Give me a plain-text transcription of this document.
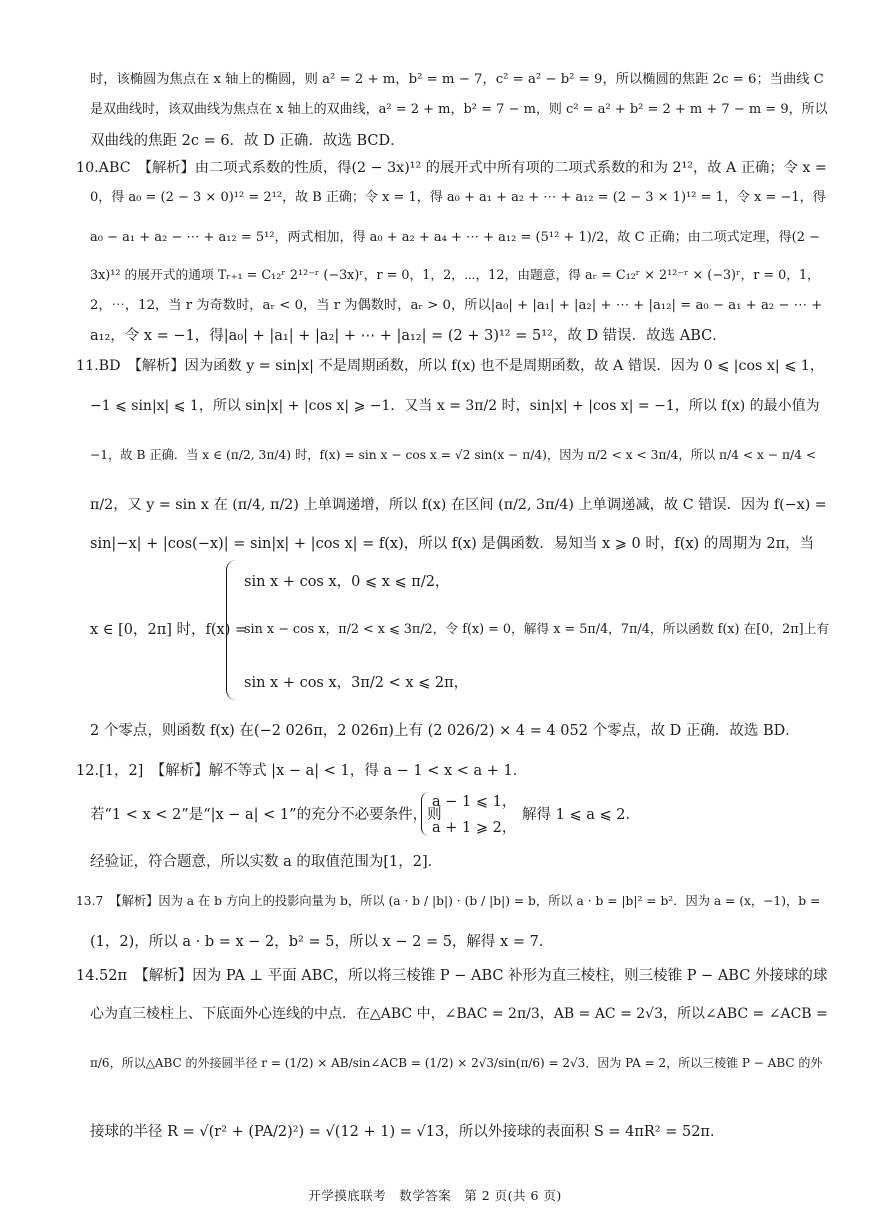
时，该椭圆为焦点在 x 轴上的椭圆，则 a² = 2 + m，b² = m − 7，c² = a² − b² = 9，所以椭圆的焦距 2c = 6；当曲线 C
是双曲线时，该双曲线为焦点在 x 轴上的双曲线，a² = 2 + m，b² = 7 − m，则 c² = a² + b² = 2 + m + 7 − m = 9，所以
双曲线的焦距 2c = 6．故 D 正确．故选 BCD．
10.ABC　【解析】由二项式系数的性质，得(2 − 3x)¹² 的展开式中所有项的二项式系数的和为 2¹²，故 A 正确；令 x =
0，得 a₀ = (2 − 3 × 0)¹² = 2¹²，故 B 正确；令 x = 1，得 a₀ + a₁ + a₂ + ⋯ + a₁₂ = (2 − 3 × 1)¹² = 1，令 x = −1，得
a₀ − a₁ + a₂ − ⋯ + a₁₂ = 5¹²，两式相加，得 a₀ + a₂ + a₄ + ⋯ + a₁₂ = (5¹² + 1)/2，故 C 正确；由二项式定理，得(2 −
3x)¹² 的展开式的通项 Tᵣ₊₁ = C₁₂ʳ 2¹²⁻ʳ (−3x)ʳ，r = 0，1，2，⋯，12，由题意，得 aᵣ = C₁₂ʳ × 2¹²⁻ʳ × (−3)ʳ，r = 0，1，
2，⋯，12，当 r 为奇数时，aᵣ < 0，当 r 为偶数时，aᵣ > 0，所以|a₀| + |a₁| + |a₂| + ⋯ + |a₁₂| = a₀ − a₁ + a₂ − ⋯ +
a₁₂，令 x = −1，得|a₀| + |a₁| + |a₂| + ⋯ + |a₁₂| = (2 + 3)¹² = 5¹²，故 D 错误．故选 ABC．
11.BD　【解析】因为函数 y = sin|x| 不是周期函数，所以 f(x) 也不是周期函数，故 A 错误．因为 0 ⩽ |cos x| ⩽ 1，
−1 ⩽ sin|x| ⩽ 1，所以 sin|x| + |cos x| ⩾ −1．又当 x = 3π/2 时，sin|x| + |cos x| = −1，所以 f(x) 的最小值为
−1，故 B 正确．当 x ∈ (π/2, 3π/4) 时，f(x) = sin x − cos x = √2 sin(x − π/4)，因为 π/2 < x < 3π/4，所以 π/4 < x − π/4 <
π/2，又 y = sin x 在 (π/4, π/2) 上单调递增，所以 f(x) 在区间 (π/2, 3π/4) 上单调递减，故 C 错误．因为 f(−x) =
sin|−x| + |cos(−x)| = sin|x| + |cos x| = f(x)，所以 f(x) 是偶函数．易知当 x ⩾ 0 时，f(x) 的周期为 2π，当
2 个零点，则函数 f(x) 在(−2 026π，2 026π)上有 (2 026/2) × 4 = 4 052 个零点，故 D 正确．故选 BD．
12.[1，2]　【解析】解不等式 |x − a| < 1，得 a − 1 < x < a + 1．
经验证，符合题意，所以实数 a 的取值范围为[1，2]．
13.7　【解析】因为 a 在 b 方向上的投影向量为 b，所以 (a · b / |b|) · (b / |b|) = b，所以 a · b = |b|² = b²．因为 a = (x，−1)，b =
(1，2)，所以 a · b = x − 2，b² = 5，所以 x − 2 = 5，解得 x = 7．
14.52π　【解析】因为 PA ⊥ 平面 ABC，所以将三棱锥 P − ABC 补形为直三棱柱，则三棱锥 P − ABC 外接球的球
心为直三棱柱上、下底面外心连线的中点．在△ABC 中，∠BAC = 2π/3，AB = AC = 2√3，所以∠ABC = ∠ACB =
π/6，所以△ABC 的外接圆半径 r = (1/2) × AB/sin∠ACB = (1/2) × 2√3/sin(π/6) = 2√3．因为 PA = 2，所以三棱锥 P − ABC 的外
接球的半径 R = √(r² + (PA/2)²) = √(12 + 1) = √13，所以外接球的表面积 S = 4πR² = 52π．
x ∈ [0，2π] 时，f(x) =
sin x + cos x，0 ⩽ x ⩽ π/2，
sin x − cos x，π/2 < x ⩽ 3π/2，令 f(x) = 0，解得 x = 5π/4，7π/4，所以函数 f(x) 在[0，2π]上有
sin x + cos x，3π/2 < x ⩽ 2π，
若“1 < x < 2”是“|x − a| < 1”的充分不必要条件，则
a − 1 ⩽ 1，
a + 1 ⩾ 2，
解得 1 ⩽ a ⩽ 2．
开学摸底联考　数学答案　第 2 页(共 6 页)
